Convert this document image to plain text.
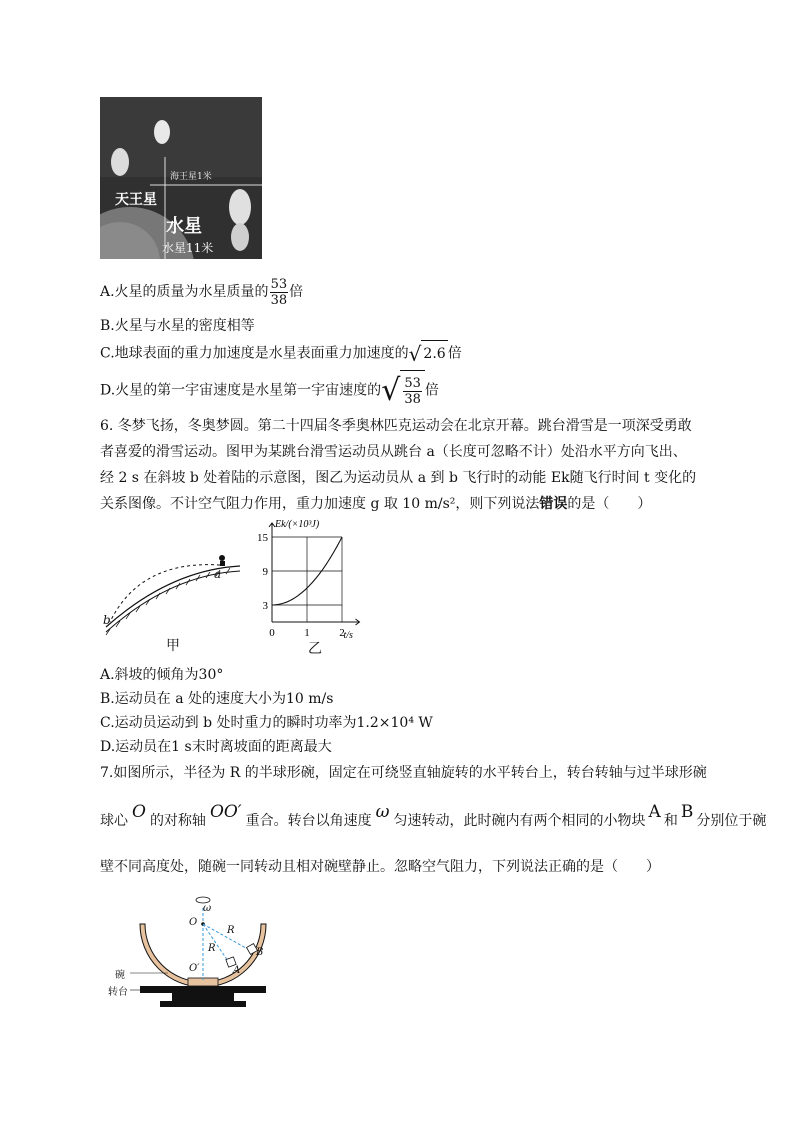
海王星1米
天王星
水星
水星11米
A.火星的质量为水星质量的 $\frac{53}{38}$ 倍
B.火星与水星的密度相等
C.地球表面的重力加速度是水星表面重力加速度的√ 2.6 倍
D.火星的第一宇宙速度是水星第一宇宙速度的√ $\frac{53}{38}$ 倍
6. 冬梦飞扬，冬奥梦圆。第二十四届冬季奥林匹克运动会在北京开幕。跳台滑雪是一项深受勇敢者喜爱的滑雪运动。图甲为某跳台滑雪运动员从跳台 a（长度可忽略不计）处沿水平方向飞出、经 2 s 在斜坡 b 处着陆的示意图，图乙为运动员从 a 到 b 飞行时的动能 Ek随飞行时间 t 变化的关系图像。不计空气阻力作用，重力加速度 g 取 10 m/s²，则下列说法错误的是（　　）
a
b
甲
0	1	2
3
9
15
Ek/(×10³J)
t/s
乙
A.斜坡的倾角为30°
B.运动员在 a 处的速度大小为10 m/s
C.运动员运动到 b 处时重力的瞬时功率为1.2×10⁴ W
D.运动员在1 s末时离坡面的距离最大
7.如图所示，半径为 R 的半球形碗，固定在可绕竖直轴旋转的水平转台上，转台转轴与过半球形碗
球心 O 的对称轴 OO′ 重合。转台以角速度 ω 匀速转动，此时碗内有两个相同的小物块 A 和 B 分别位于碗
壁不同高度处，随碗一同转动且相对碗壁静止。忽略空气阻力，下列说法正确的是（　　）
ω
O
R
R	B
A
O′
碗
转台
